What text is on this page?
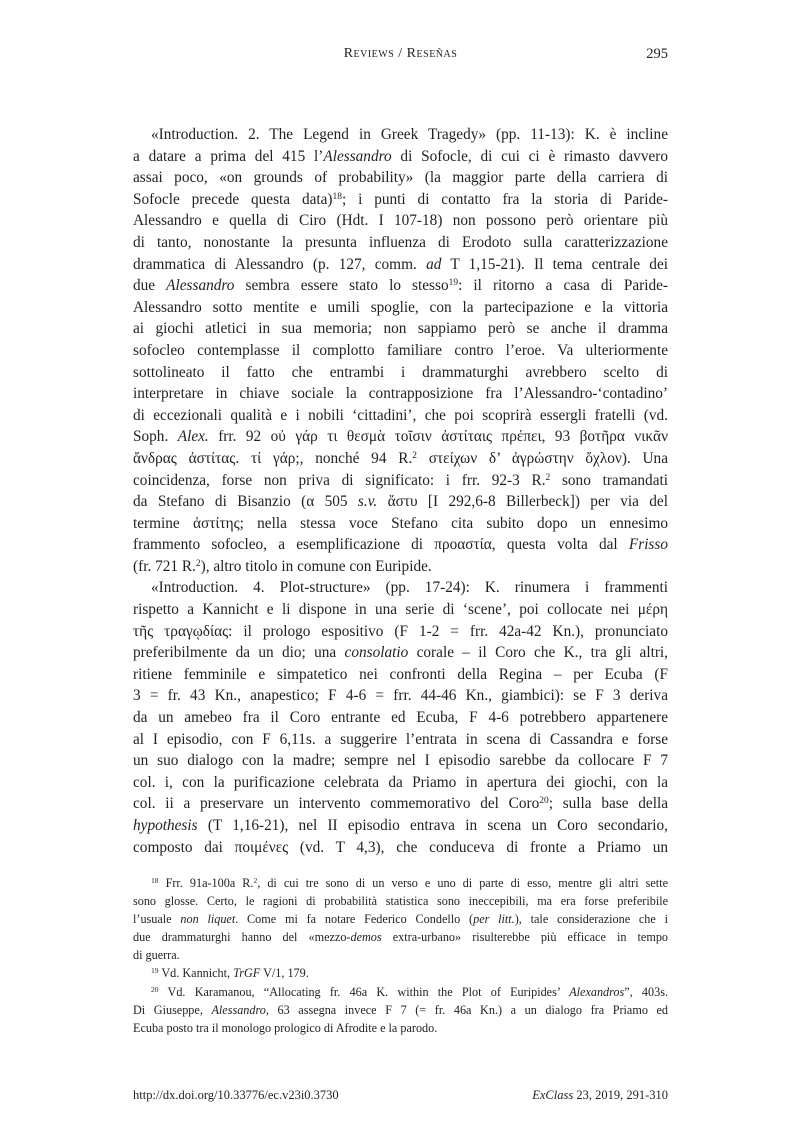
Reviews / Reseñas	295
«Introduction. 2. The Legend in Greek Tragedy» (pp. 11-13): K. è incline
a datare a prima del 415 l’Alessandro di Sofocle, di cui ci è rimasto davvero
assai poco, «on grounds of probability» (la maggior parte della carriera di
Sofocle precede questa data)$^{18}$; i punti di contatto fra la storia di Paride-
Alessandro e quella di Ciro (Hdt. I 107-18) non possono però orientare più
di tanto, nonostante la presunta influenza di Erodoto sulla caratterizzazione
drammatica di Alessandro (p. 127, comm. ad T 1,15-21). Il tema centrale dei
due Alessandro sembra essere stato lo stesso$^{19}$: il ritorno a casa di Paride-
Alessandro sotto mentite e umili spoglie, con la partecipazione e la vittoria
ai giochi atletici in sua memoria; non sappiamo però se anche il dramma
sofocleo contemplasse il complotto familiare contro l’eroe. Va ulteriormente
sottolineato il fatto che entrambi i drammaturghi avrebbero scelto di
interpretare in chiave sociale la contrapposizione fra l’Alessandro-‘contadino’
di eccezionali qualità e i nobili ‘cittadini’, che poi scoprirà essergli fratelli (vd.
Soph. Alex. frr. 92 οὐ γάρ τι θεσμὰ τοῖσιν ἀστίταις πρέπει, 93 βοτῆρα νικᾶν
ἄνδρας ἀστίτας. τί γάρ;, nonché 94 R.$^2$ στείχων δ’ ἀγρώστην ὄχλον). Una
coincidenza, forse non priva di significato: i frr. 92-3 R.$^2$ sono tramandati
da Stefano di Bisanzio (α 505 s.v. ἄστυ [I 292,6-8 Billerbeck]) per via del
termine ἀστίτης; nella stessa voce Stefano cita subito dopo un ennesimo
frammento sofocleo, a esemplificazione di προαστία, questa volta dal Frisso
(fr. 721 R.$^2$), altro titolo in comune con Euripide.
«Introduction. 4. Plot-structure» (pp. 17-24): K. rinumera i frammenti
rispetto a Kannicht e li dispone in una serie di ‘scene’, poi collocate nei μέρη
τῆς τραγῳδίας: il prologo espositivo (F 1-2 = frr. 42a-42 Kn.), pronunciato
preferibilmente da un dio; una consolatio corale – il Coro che K., tra gli altri,
ritiene femminile e simpatetico nei confronti della Regina – per Ecuba (F
3 = fr. 43 Kn., anapestico; F 4-6 = frr. 44-46 Kn., giambici): se F 3 deriva
da un amebeo fra il Coro entrante ed Ecuba, F 4-6 potrebbero appartenere
al I episodio, con F 6,11s. a suggerire l’entrata in scena di Cassandra e forse
un suo dialogo con la madre; sempre nel I episodio sarebbe da collocare F 7
col. i, con la purificazione celebrata da Priamo in apertura dei giochi, con la
col. ii a preservare un intervento commemorativo del Coro$^{20}$; sulla base della
hypothesis (T 1,16-21), nel II episodio entrava in scena un Coro secondario,
composto dai ποιμένες (vd. T 4,3), che conduceva di fronte a Priamo un
$^{18}$ Frr. 91a-100a R.$^2$, di cui tre sono di un verso e uno di parte di esso, mentre gli altri sette
sono glosse. Certo, le ragioni di probabilità statistica sono ineccepibili, ma era forse preferibile
l’usuale non liquet. Come mi fa notare Federico Condello (per litt.), tale considerazione che i
due drammaturghi hanno del «mezzo-demos extra-urbano» risulterebbe più efficace in tempo
di guerra.
$^{19}$ Vd. Kannicht, TrGF V/1, 179.
$^{20}$ Vd. Karamanou, “Allocating fr. 46a K. within the Plot of Euripides’ Alexandros”, 403s.
Di Giuseppe, Alessandro, 63 assegna invece F 7 (= fr. 46a Kn.) a un dialogo fra Priamo ed
Ecuba posto tra il monologo prologico di Afrodite e la parodo.
http://dx.doi.org/10.33776/ec.v23i0.3730	ExClass 23, 2019, 291-310
